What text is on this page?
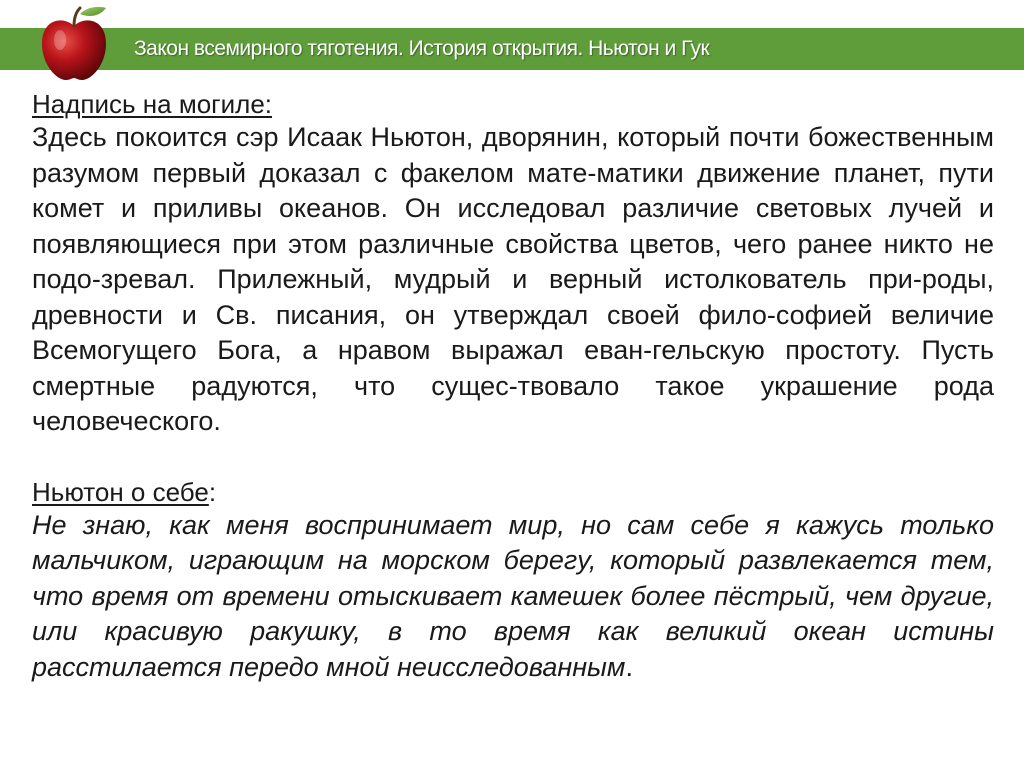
Закон всемирного тяготения. История открытия. Ньютон и Гук
Надпись на могиле:

Здесь покоится сэр Исаак Ньютон, дворянин, который почти божественным разумом первый доказал с факелом мате-матики движение планет, пути комет и приливы океанов. Он исследовал различие световых лучей и появляющиеся при этом различные свойства цветов, чего ранее никто не подо-зревал. Прилежный, мудрый и верный истолкователь при-роды, древности и Св. писания, он утверждал своей фило-софией величие Всемогущего Бога, а нравом выражал еван-гельскую простоту. Пусть смертные радуются, что сущес-твовало такое украшение рода человеческого.

Ньютон о себе:

Не знаю, как меня воспринимает мир, но сам себе я кажусь только мальчиком, играющим на морском берегу, который развлекается тем, что время от времени отыскивает камешек более пёстрый, чем другие, или красивую ракушку, в то время как великий океан истины расстилается передо мной неисследованным.
